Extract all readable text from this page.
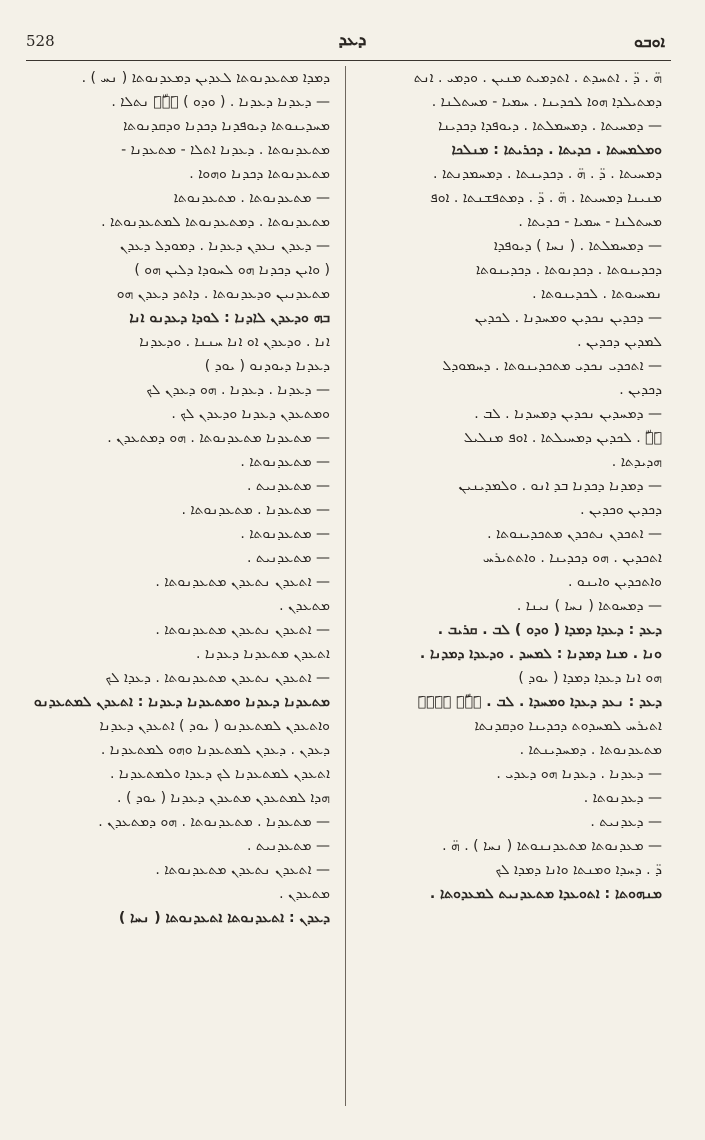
528	ܕܥܕ	ܐܘܒܘ
ܗ̈ . ܕ̈ . ܐܬܚܕܬ . ܐܬܕܡܝܬ ܡܢܝܢ . ܘܕܡܝ . ܐܢܬ
ܕܡܬܝܠܕܐ ܗܘܐ ܠܟܕܝܢܐ . ܚܡܝܐ - ܡܚܬܠܢܐ .
— ܕܡܚܝܬܐ . ܕܡܚܡܠܬܐ . ܕܝܘܦܕܐ ܕܟܕܝܢܐ
ܘܡܠܡܚܬܐ . ܟܕܝܬܐ . ܕܟܪܝܬܐ : ܡܢܠܟܐ
ܕܡܚܝܬܐ . ܕ̈ . ܗ̈ . ܕܟܕܝܢܬܐ . ܕܡܚܡܕܢܬܐ .
ܡܢܝܢܐ ܕܡܚܝܬܐ . ܗ̈ . ܕ̈ . ܕܡܬܦܫܢܬܐ . ܐܘܦ
ܡܚܬܠܢܐ - ܚܡܝܐ - ܟܕܝܬܐ .
— ܕܡܚܡܠܬܐ . ( ܢܚܐ ) ܕܝܘܦܕܐ
ܕܟܕܝܢܘܬܐ . ܕܟܕܢܘܬܐ . ܕܟܕܝܢܘܬܐ
ܢܡܚܝܘܬܐ . ܠܟܕܝܢܘܬܐ .
— ܕܟܕܝܢ ܢܟܕܝܢ ܘܡܚܕܢܐ . ܠܟܕܝܢ
ܠܡܕܝܢ ܕܟܕܝܢ .
— ܐܬܟܕܝ ܢܟܕܝ ܡܬܟܕܝܢܘܬܐ . ܕܚܡܘܕܠ
ܕܟܕܝܢ .
— ܕܡܚܕܝܢ ܢܟܕܝܢ ܕܡܚܕܢܐ . ܠܒ .
ܪَܩَّ . ܠܟܕܝܢ ܕܡܚܝܠܬܐ . ܐܘܦ ܡܢܠܝܠ
ܗܕܝܕܬܐ .
— ܕܡܕܢܐ ܕܟܕܢܐ ܒܕ ܐܢܘ . ܘܠܡܕܝܢܝܢ
ܕܟܕܝܢ ܘܟܕܝܢ .
— ܐܬܟܕܢ ܢܬܟܕܢ ܡܬܟܕܝܢܘܬܐ .
ܐܬܟܕܝܢ . ܗܘ ܕܟܕܝܢܐ . ܘܐܬܬܝܪܚ
ܘܐܬܟܕܝܢ ܘܐܝܢܘ .
— ܕܡܚܘܬܐ ( ܢܚܐ ) ܢܝܢܐ .
ܕܥܕ : ܕܥܕܐ ܕܡܕܐ ( ܘܕܘ ) ܠܒ . ܩܪܝܒ .
ܘܢܐ . ܡܢܐ ܕܡܕܢܐ : ܠܡܚܕ . ܘܕܥܕܐ ܕܡܕܢܐ .
ܗܘ ܐܢܐ ܕܥܕܐ ܕܡܕܐ ( ܝܘܕ )
ܕܥܕ : ܢܥܕ ܕܥܕܐ ܘܡܚܕܐ . ܠܒ . ܪَܩَّܨَ ܘَܩَܦَܙَ
ܐܬܝܪܚ ܠܡܚܕܘܬ ܕܟܕܝܢܐ ܘܕܩܕܢܬܐ
ܡܬܥܕܢܘܬܐ . ܕܡܚܕܝܢܬܐ .
— ܕܥܕܢܐ . ܕܥܕܢܐ ܗܘ ܕܥܕܝ .
— ܕܥܕܢܘܬܐ .
— ܕܥܕܢܝܬ .
— ܡܥܕܢܘܬܐ ܡܬܥܕܢܢܘܬܐ ( ܢܚܐ ) . ܗ̈ .
ܕ̈ . ܕܚܕܐ ܘܡܢܬܐ ܘܐܢܐ ܕܡܕܐ ܠܟ
ܡܢܗܘܬܐ : ܐܬܘܥܕܐ ܡܬܥܕܢܝܬ ܠܡܥܕܘܬܐ .
ܕܡܕܐ ܡܬܥܕܢܘܬܐ ܠܥܕܝܢ ܕܡܥܕܢܘܬܐ ( ܢܚ ) .
— ܕܥܕܢܐ ܕܥܕܢܐ . ( ܘܕܘ ) ܪَܩَّܨَ ܢܬܠܐ .
ܡܚܕܝܢܘܬܐ ܕܝܘܦܕܢܐ ܕܟܕܢܐ ܘܕܩܕܢܘܬܐ
ܡܬܥܕܢܘܬܐ . ܕܥܕܢܐ ܐܬܠܐ - ܡܬܥܕܢܐ -
ܡܬܥܕܢܘܬܐ ܕܟܕܢܐ ܘܗܘܐ .
— ܡܬܥܕܢܘܬܐ . ܡܬܥܕܢܘܬܐ
ܡܬܥܕܢܘܬܐ . ܕܡܬܥܕܢܘܬܐ ܠܡܬܥܕܢܘܬܐ .
— ܕܥܕܢ ܢܥܕܢ ܕܥܕܢܐ . ܕܡܘܕܠ ܕܥܕܢ
( ܘܐܝܢ ܕܟܕܢܐ ܗܘ ܠܚܘܕܐ ܕܠܝܢ ܗܘ )
ܡܬܥܕܢܝܢ ܘܕܥܕܢܘܬܐ . ܕܐܬܕ ܕܥܕܢ ܗܘ
ܒܗ ܘܕܥܕܢ ܠܐܕܢܐ : ܠܘܕܐ ܕܥܕܢܘ ܐܢܐ
ܐܢܐ . ܘܕܥܕܢ ܐܘ ܐܢܐ ܚܢܢܐ . ܘܕܥܕܢܐ
ܕܥܕܢܐ ܕܝܘܕܢܘ ( ܝܘܕ )
— ܕܥܕܢܐ . ܕܥܕܢܐ . ܗܘ ܕܥܕܢ ܠܟ
ܘܡܬܥܕܢ ܕܥܕܢܐ ܘܕܥܕܢ ܠܟ .
— ܡܬܥܕܢܐ ܡܬܥܕܢܘܬܐ . ܗܘ ܕܡܬܥܕܢ .
— ܡܬܥܕܢܘܬܐ .
— ܡܬܥܕܢܝܬ .
— ܡܬܥܕܢܐ . ܡܬܥܕܢܘܬܐ .
— ܡܬܥܕܢܘܬܐ .
— ܡܬܥܕܢܝܬ .
— ܐܬܥܕܢ ܢܬܥܕܢ ܡܬܥܕܢܘܬܐ .
ܡܬܥܕܢ .
— ܐܬܥܕܢ ܢܬܥܕܢ ܡܬܥܕܢܘܬܐ .
ܐܬܥܕܢ ܡܬܥܕܢܐ ܕܥܕܢܐ .
— ܐܬܥܕܢ ܢܬܥܕܢ ܡܬܥܕܢܘܬܐ . ܕܥܕܐ ܠܟ
ܡܬܥܕܢܐ ܕܥܕܢܐ ܘܡܬܥܕܢܐ ܕܥܕܢܐ : ܐܬܥܕܢ ܠܡܬܥܕܢܘ
ܘܐܬܥܕܢ ܠܡܬܥܕܢܘ ( ܝܘܕ ) ܐܬܥܕܢ ܕܥܕܢܐ
ܕܥܕܢ . ܕܥܕܢ ܠܡܬܥܕܢܐ ܘܗܘ ܠܡܬܥܕܢܐ .
ܐܬܥܕܢ ܠܡܬܥܕܢܐ ܠܟ ܕܥܕܐ ܘܠܡܬܥܕܢܐ .
ܗܕܐ ܠܡܬܥܕܢ ܡܬܥܕܢ ܕܥܕܢܐ ( ܝܘܕ ) .
— ܡܬܥܕܢܐ . ܡܬܥܕܢܘܬܐ . ܗܘ ܕܡܬܥܕܢ .
— ܡܬܥܕܢܝܬ .
— ܐܬܥܕܢ ܢܬܥܕܢ ܡܬܥܕܢܘܬܐ .
ܡܬܥܕܢ .
ܕܥܕܢ : ܐܬܥܕܢܘܬܐ ܐܬܥܕܢܘܬܐ ( ܢܚܐ )
